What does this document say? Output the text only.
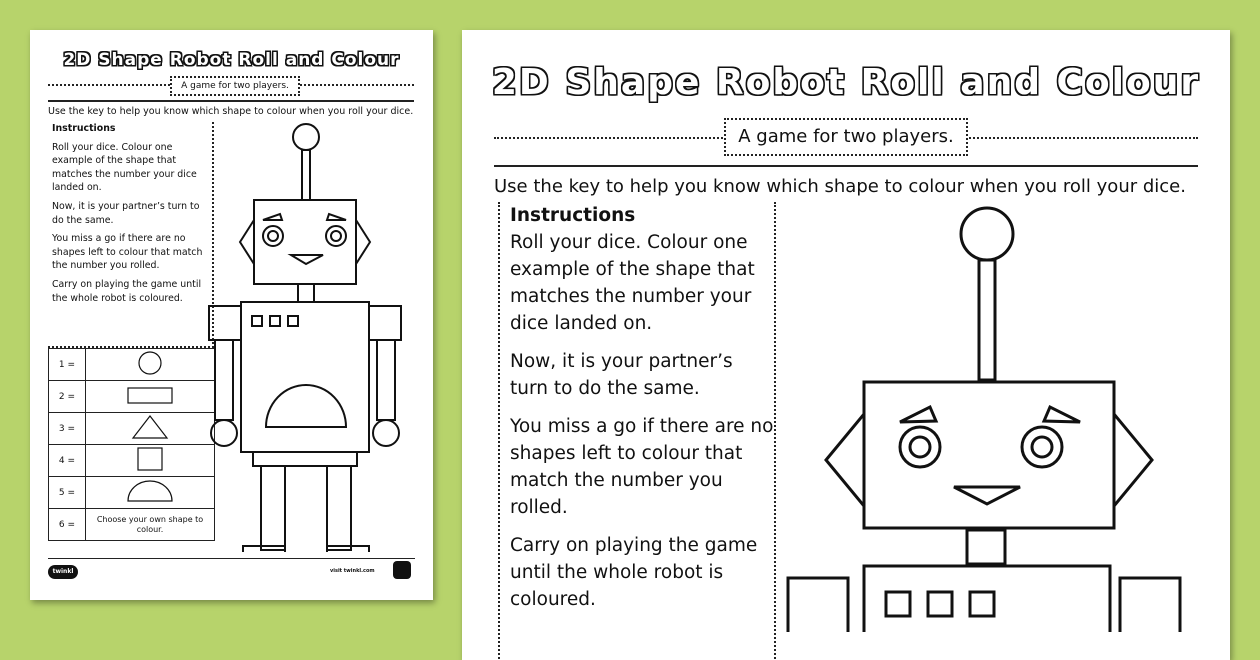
2D Shape Robot Roll and Colour
A game for two players.
Use the key to help you know which shape to colour when you roll your dice.

Instructions

Roll your dice. Colour one example of the shape that matches the number your dice landed on.

Now, it is your partner’s turn to do the same.

You miss a go if there are no shapes left to colour that match the number you rolled.

Carry on playing the game until the whole robot is coloured.

1 =	
2 =	
3 =	
4 =	
5 =	
6 =	Choose your own shape to colour.
twinkl	visit twinkl.com
2D Shape Robot Roll and Colour
A game for two players.
Use the key to help you know which shape to colour when you roll your dice.

Instructions

Roll your dice. Colour one example of the shape that matches the number your dice landed on.

Now, it is your partner’s turn to do the same.

You miss a go if there are no shapes left to colour that match the number you rolled.

Carry on playing the game until the whole robot is coloured.
